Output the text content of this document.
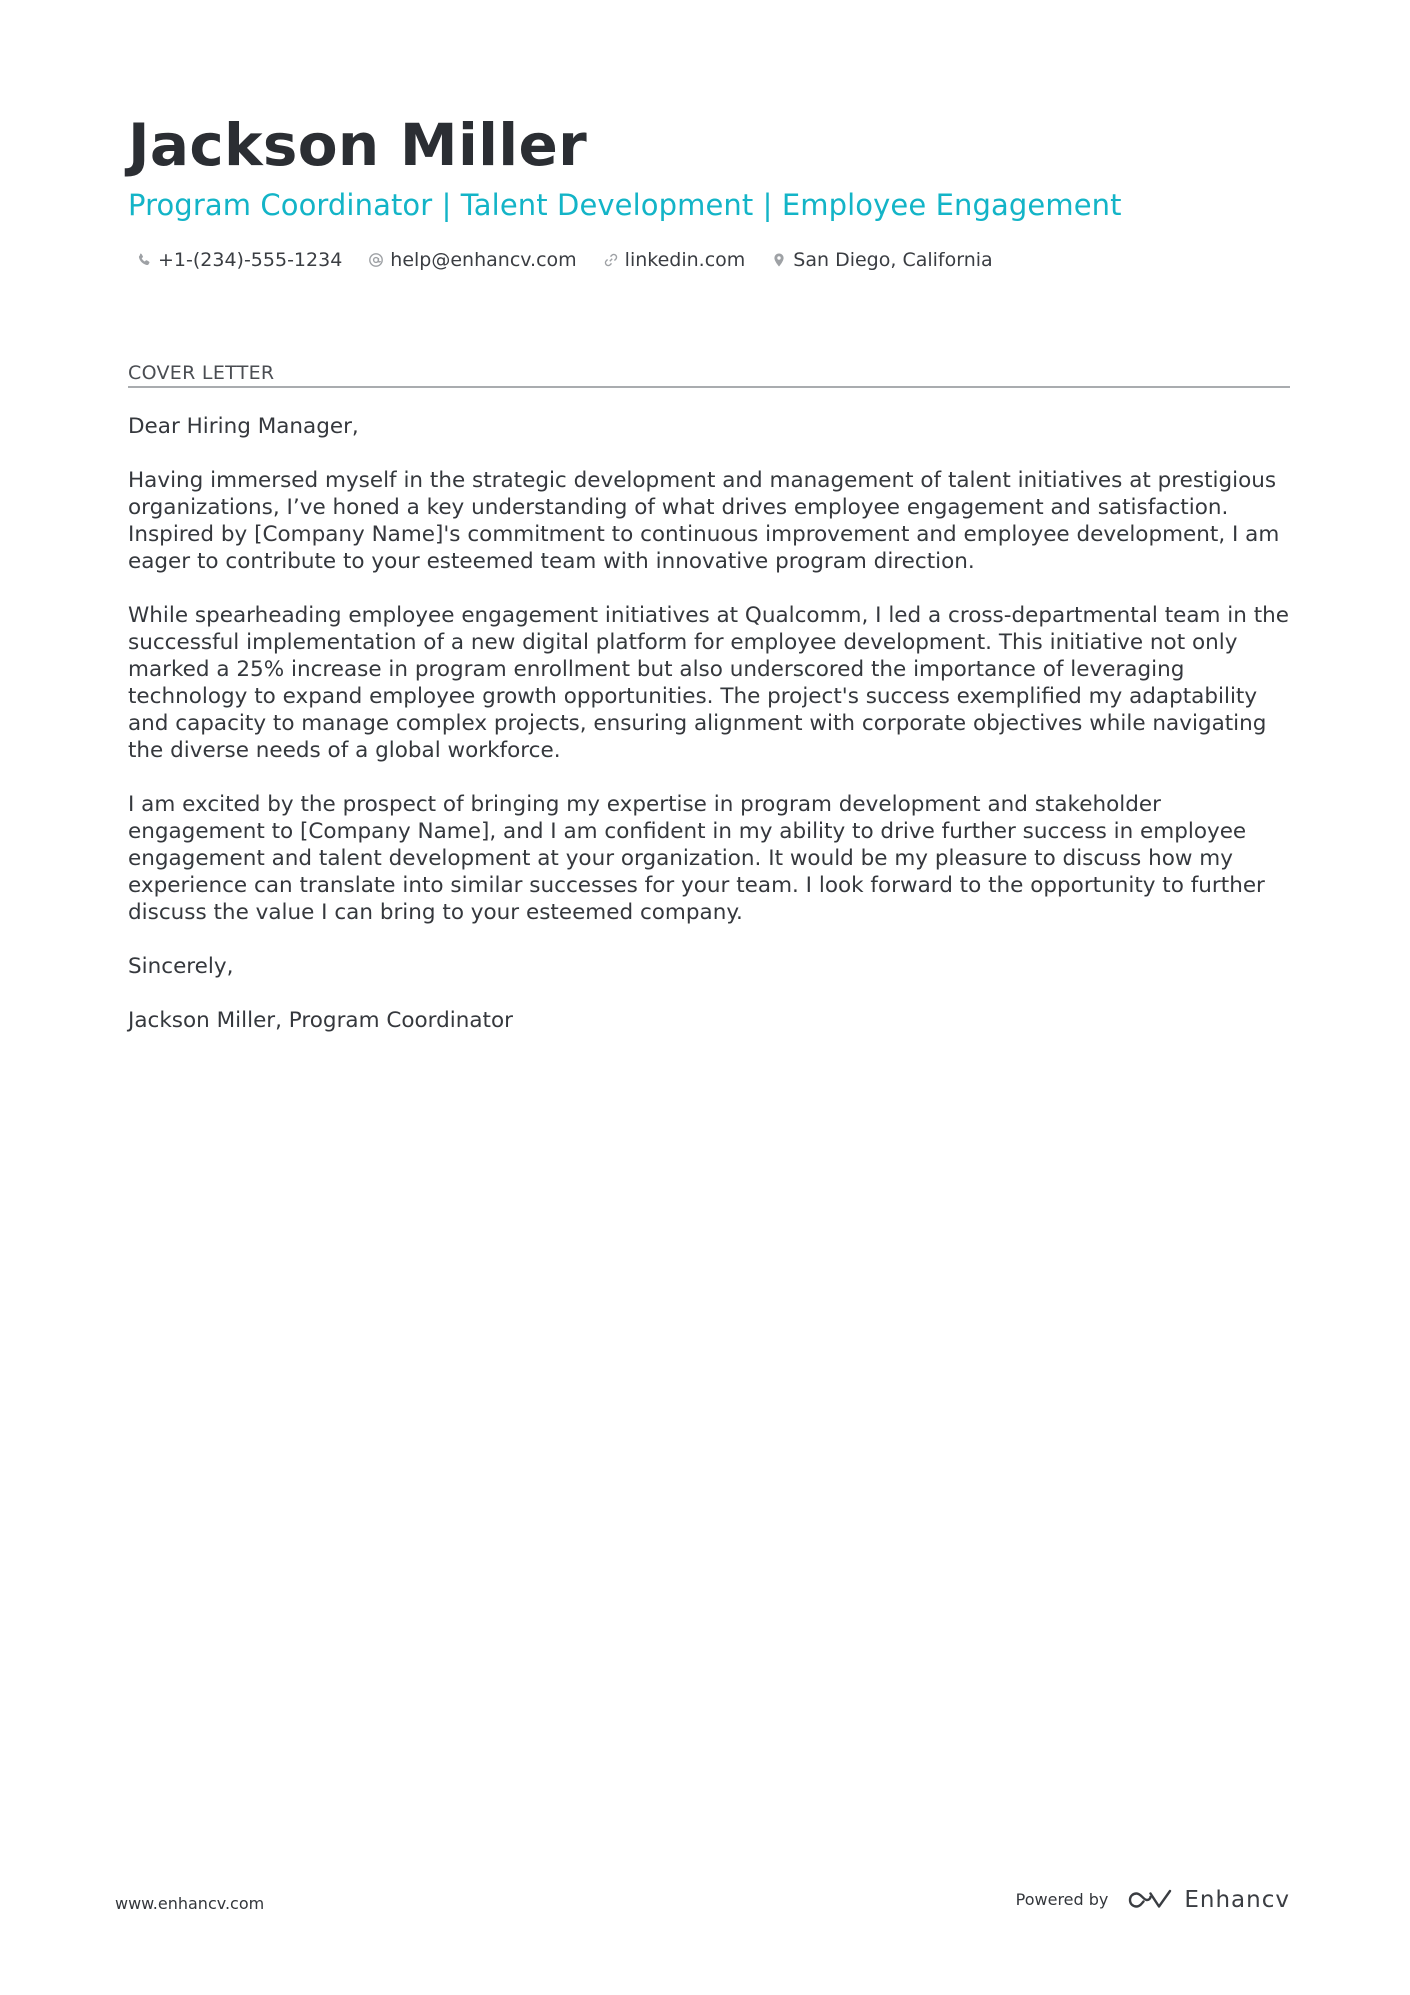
Jackson Miller
Program Coordinator | Talent Development | Employee Engagement
+1-(234)-555-1234	help@enhancv.com	linkedin.com	San Diego, California
COVER LETTER

Dear Hiring Manager,

Having immersed myself in the strategic development and management of talent initiatives at prestigious organizations, I’ve honed a key understanding of what drives employee engagement and satisfaction. Inspired by [Company Name]'s commitment to continuous improvement and employee development, I am eager to contribute to your esteemed team with innovative program direction.

While spearheading employee engagement initiatives at Qualcomm, I led a cross-departmental team in the successful implementation of a new digital platform for employee development. This initiative not only marked a 25% increase in program enrollment but also underscored the importance of leveraging technology to expand employee growth opportunities. The project's success exemplified my adaptability and capacity to manage complex projects, ensuring alignment with corporate objectives while navigating the diverse needs of a global workforce.

I am excited by the prospect of bringing my expertise in program development and stakeholder engagement to [Company Name], and I am confident in my ability to drive further success in employee engagement and talent development at your organization. It would be my pleasure to discuss how my experience can translate into similar successes for your team. I look forward to the opportunity to further discuss the value I can bring to your esteemed company.

Sincerely,

Jackson Miller, Program Coordinator

www.enhancv.com	Powered by	Enhancv
